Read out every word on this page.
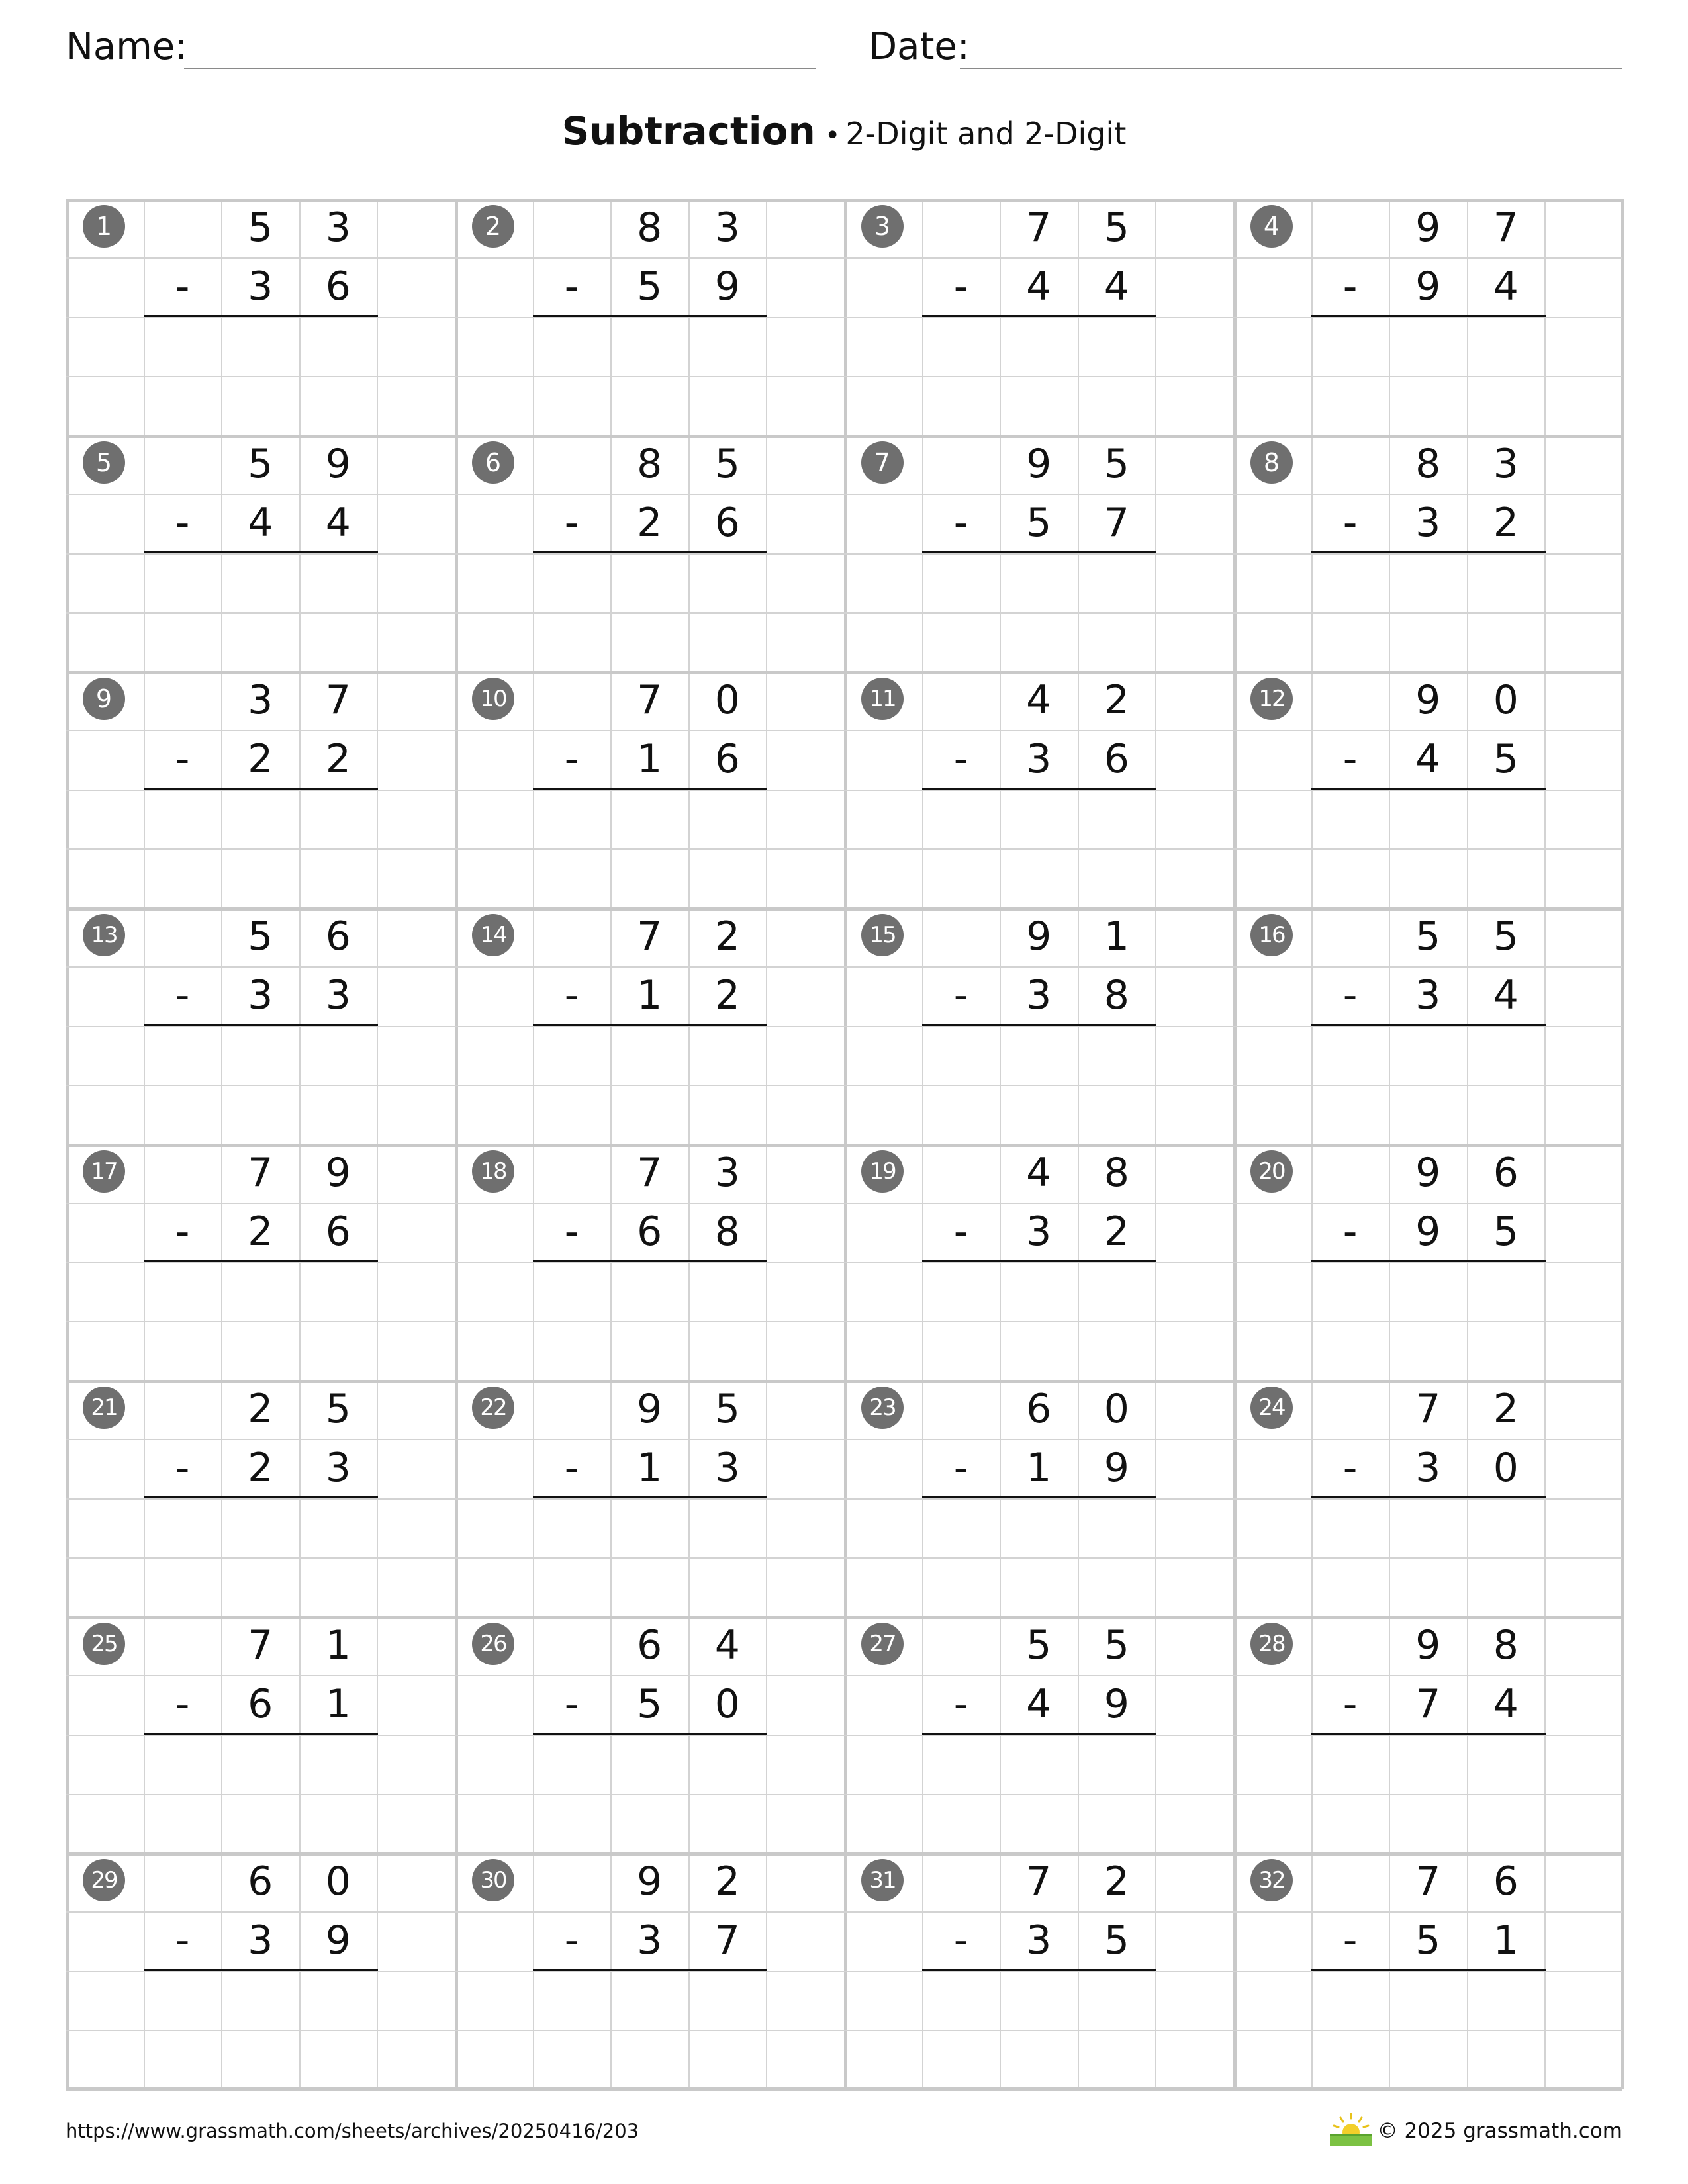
Name:	Date:
Subtraction • 2-Digit and 2-Digit
1	5	3
-	3	6
2	8	3
-	5	9
3	7	5
-	4	4
4	9	7
-	9	4
5	5	9
-	4	4
6	8	5
-	2	6
7	9	5
-	5	7
8	8	3
-	3	2
9	3	7
-	2	2
10	7	0
-	1	6
11	4	2
-	3	6
12	9	0
-	4	5
13	5	6
-	3	3
14	7	2
-	1	2
15	9	1
-	3	8
16	5	5
-	3	4
17	7	9
-	2	6
18	7	3
-	6	8
19	4	8
-	3	2
20	9	6
-	9	5
21	2	5
-	2	3
22	9	5
-	1	3
23	6	0
-	1	9
24	7	2
-	3	0
25	7	1
-	6	1
26	6	4
-	5	0
27	5	5
-	4	9
28	9	8
-	7	4
29	6	0
-	3	9
30	9	2
-	3	7
31	7	2
-	3	5
32	7	6
-	5	1
https://www.grassmath.com/sheets/archives/20250416/203	© 2025 grassmath.com
